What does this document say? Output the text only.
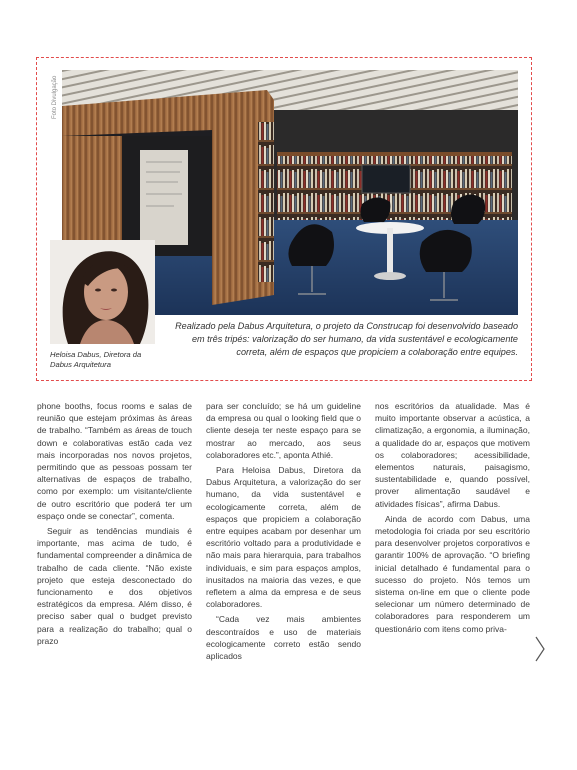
Foto Divulgação
Heloisa Dabus, Diretora da Dabus Arquitetura
Realizado pela Dabus Arquitetura, o projeto da Construcap foi desenvolvido baseado em três tripés: valorização do ser humano, da vida sustentável e ecologicamente correta, além de espaços que propiciem a colaboração entre equipes.

phone booths, focus rooms e salas de reunião que estejam próximas às áreas de trabalho. “Também as áreas de touch down e colaborativas estão cada vez mais incorporadas nos novos projetos, permitindo que as pessoas possam ter alternativas de espaços de trabalho, como por exemplo: um visitante/cliente de outro escritório que poderá ter um espaço onde se conectar”, comenta.

Seguir as tendências mundiais é importante, mas acima de tudo, é fundamental compreender a dinâmica de trabalho de cada cliente. “Não existe projeto que esteja desconectado do funcionamento e dos objetivos estratégicos da empresa. Além disso, é preciso saber qual o budget previsto para a realização do trabalho; qual o prazo

para ser concluído; se há um guideline da empresa ou qual o looking field que o cliente deseja ter neste espaço para se mostrar ao mercado, aos seus colaboradores etc.”, aponta Athié.

Para Heloisa Dabus, Diretora da Dabus Arquitetura, a valorização do ser humano, da vida sustentável e ecologicamente correta, além de espaços que propiciem a colaboração entre equipes acabam por desenhar um escritório voltado para a produtividade e não mais para hierarquia, para trabalhos individuais, e sim para espaços amplos, inusitados na maioria das vezes, e que refletem a alma da empresa e de seus colaboradores.

“Cada vez mais ambientes descontraídos e uso de materiais ecologicamente correto estão sendo aplicados

nos escritórios da atualidade. Mas é muito importante observar a acústica, a climatização, a ergonomia, a iluminação, a qualidade do ar, espaços que motivem os colaboradores; acessibilidade, elementos naturais, paisagismo, sustentabilidade e, quando possível, prover alimentação saudável e atividades físicas”, afirma Dabus.

Ainda de acordo com Dabus, uma metodologia foi criada por seu escritório para desenvolver projetos corporativos e garantir 100% de aprovação. “O briefing inicial detalhado é fundamental para o sucesso do projeto. Nós temos um sistema on-line em que o cliente pode selecionar um número determinado de colaboradores para responderem um questionário com itens como priva-
